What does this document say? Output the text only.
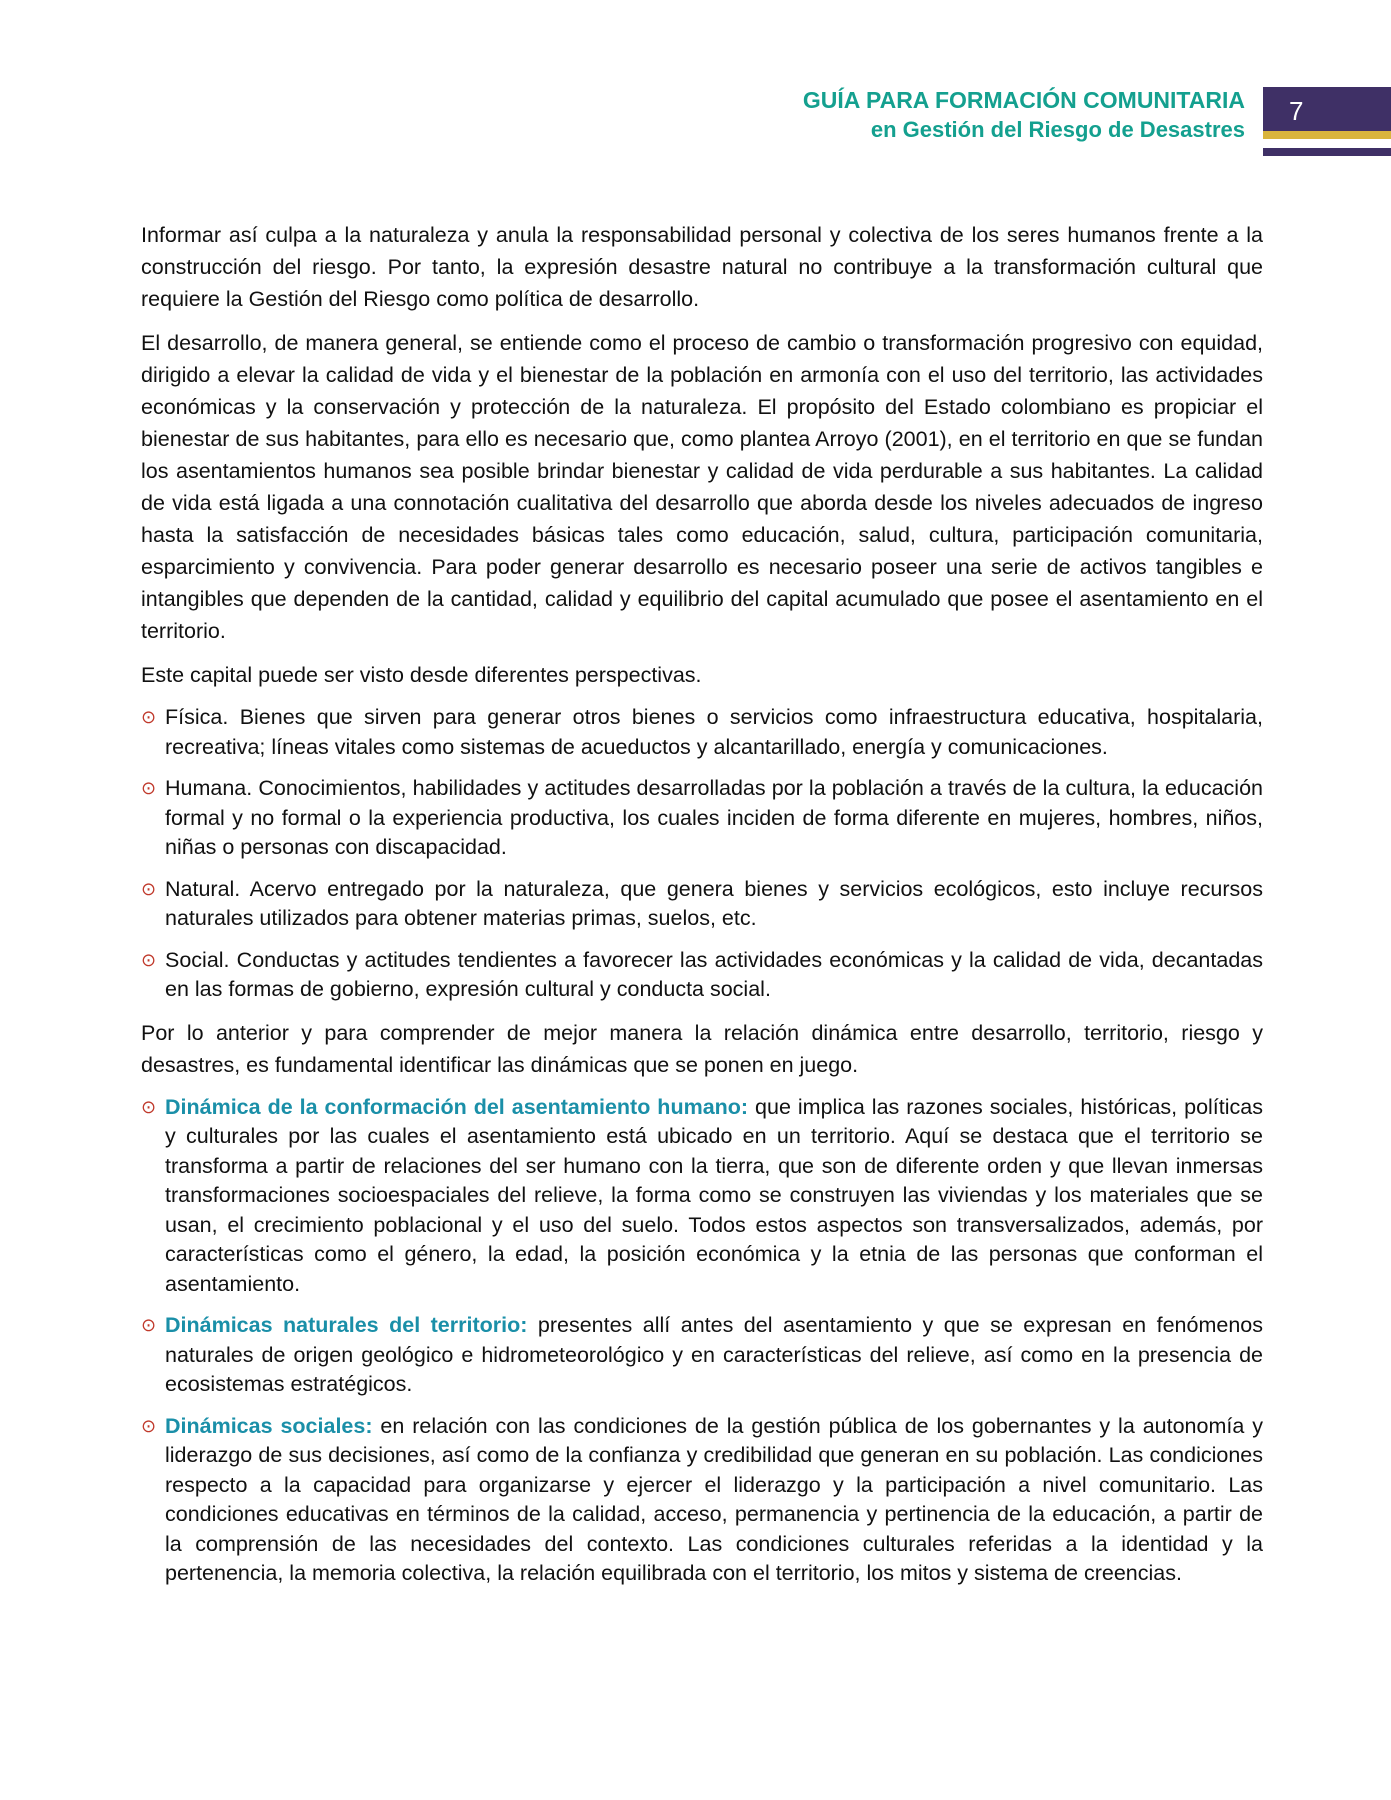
GUÍA PARA FORMACIÓN COMUNITARIA
en Gestión del Riesgo de Desastres
7

Informar así culpa a la naturaleza y anula la responsabilidad personal y colectiva de los seres humanos frente a la construcción del riesgo. Por tanto, la expresión desastre natural no contribuye a la transformación cultural que requiere la Gestión del Riesgo como política de desarrollo.

El desarrollo, de manera general, se entiende como el proceso de cambio o transformación progresivo con equidad, dirigido a elevar la calidad de vida y el bienestar de la población en armonía con el uso del territorio, las actividades económicas y la conservación y protección de la naturaleza. El propósito del Estado colombiano es propiciar el bienestar de sus habitantes, para ello es necesario que, como plantea Arroyo (2001), en el territorio en que se fundan los asentamientos humanos sea posible brindar bienestar y calidad de vida perdurable a sus habitantes. La calidad de vida está ligada a una connotación cualitativa del desarrollo que aborda desde los niveles adecuados de ingreso hasta la satisfacción de necesidades básicas tales como educación, salud, cultura, participación comunitaria, esparcimiento y convivencia. Para poder generar desarrollo es necesario poseer una serie de activos tangibles e intangibles que dependen de la cantidad, calidad y equilibrio del capital acumulado que posee el asentamiento en el territorio.

Este capital puede ser visto desde diferentes perspectivas.

⊙ Física. Bienes que sirven para generar otros bienes o servicios como infraestructura educativa, hospitalaria, recreativa; líneas vitales como sistemas de acueductos y alcantarillado, energía y comunicaciones.
⊙ Humana. Conocimientos, habilidades y actitudes desarrolladas por la población a través de la cultura, la educación formal y no formal o la experiencia productiva, los cuales inciden de forma diferente en mujeres, hombres, niños, niñas o personas con discapacidad.
⊙ Natural. Acervo entregado por la naturaleza, que genera bienes y servicios ecológicos, esto incluye recursos naturales utilizados para obtener materias primas, suelos, etc.
⊙ Social. Conductas y actitudes tendientes a favorecer las actividades económicas y la calidad de vida, decantadas en las formas de gobierno, expresión cultural y conducta social.

Por lo anterior y para comprender de mejor manera la relación dinámica entre desarrollo, territorio, riesgo y desastres, es fundamental identificar las dinámicas que se ponen en juego.

⊙ Dinámica de la conformación del asentamiento humano: que implica las razones sociales, históricas, políticas y culturales por las cuales el asentamiento está ubicado en un territorio. Aquí se destaca que el territorio se transforma a partir de relaciones del ser humano con la tierra, que son de diferente orden y que llevan inmersas transformaciones socioespaciales del relieve, la forma como se construyen las viviendas y los materiales que se usan, el crecimiento poblacional y el uso del suelo. Todos estos aspectos son transversalizados, además, por características como el género, la edad, la posición económica y la etnia de las personas que conforman el asentamiento.
⊙ Dinámicas naturales del territorio: presentes allí antes del asentamiento y que se expresan en fenómenos naturales de origen geológico e hidrometeorológico y en características del relieve, así como en la presencia de ecosistemas estratégicos.
⊙ Dinámicas sociales: en relación con las condiciones de la gestión pública de los gobernantes y la autonomía y liderazgo de sus decisiones, así como de la confianza y credibilidad que generan en su población. Las condiciones respecto a la capacidad para organizarse y ejercer el liderazgo y la participación a nivel comunitario. Las condiciones educativas en términos de la calidad, acceso, permanencia y pertinencia de la educación, a partir de la comprensión de las necesidades del contexto. Las condiciones culturales referidas a la identidad y la pertenencia, la memoria colectiva, la relación equilibrada con el territorio, los mitos y sistema de creencias.
